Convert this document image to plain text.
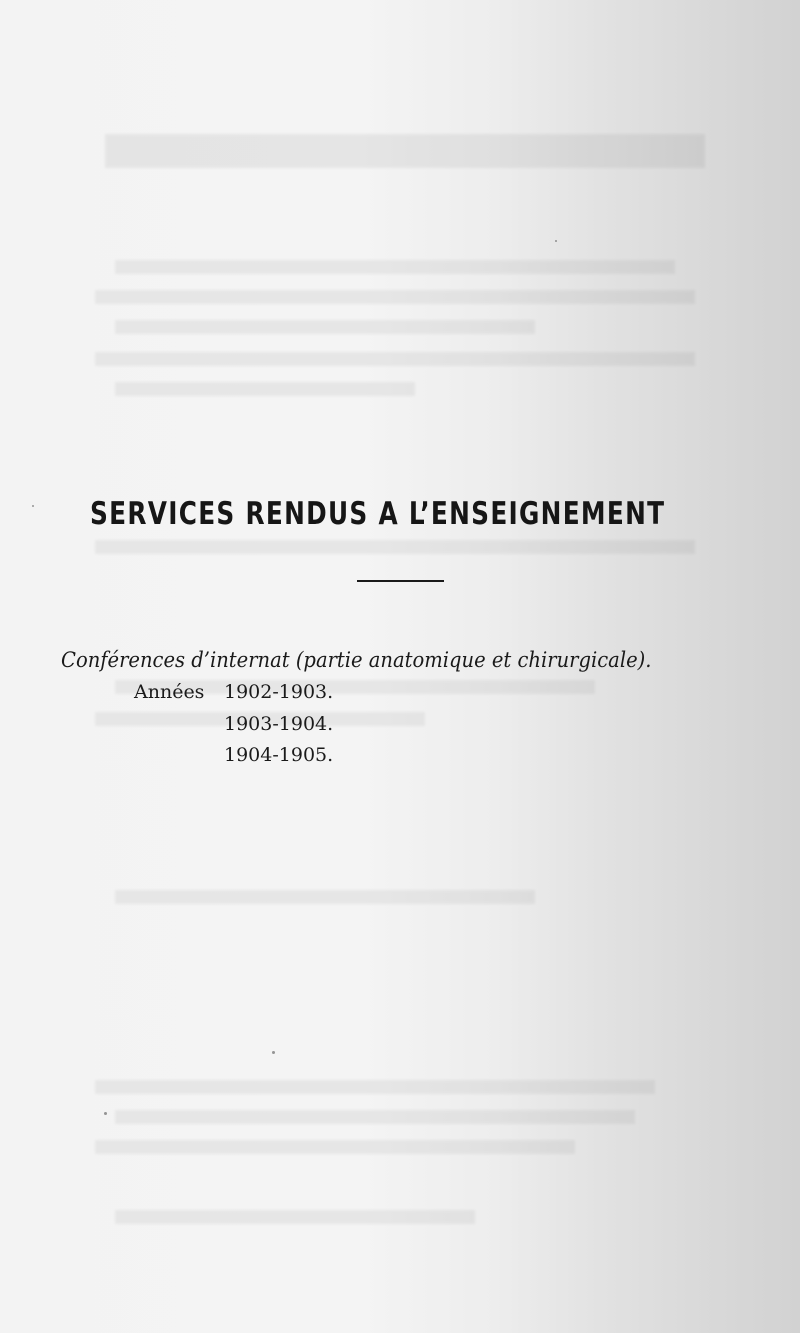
SERVICES RENDUS A L’ENSEIGNEMENT
Conférences d’internat (partie anatomique et chirurgicale).
Années 1902-1903.
1903-1904.
1904-1905.
